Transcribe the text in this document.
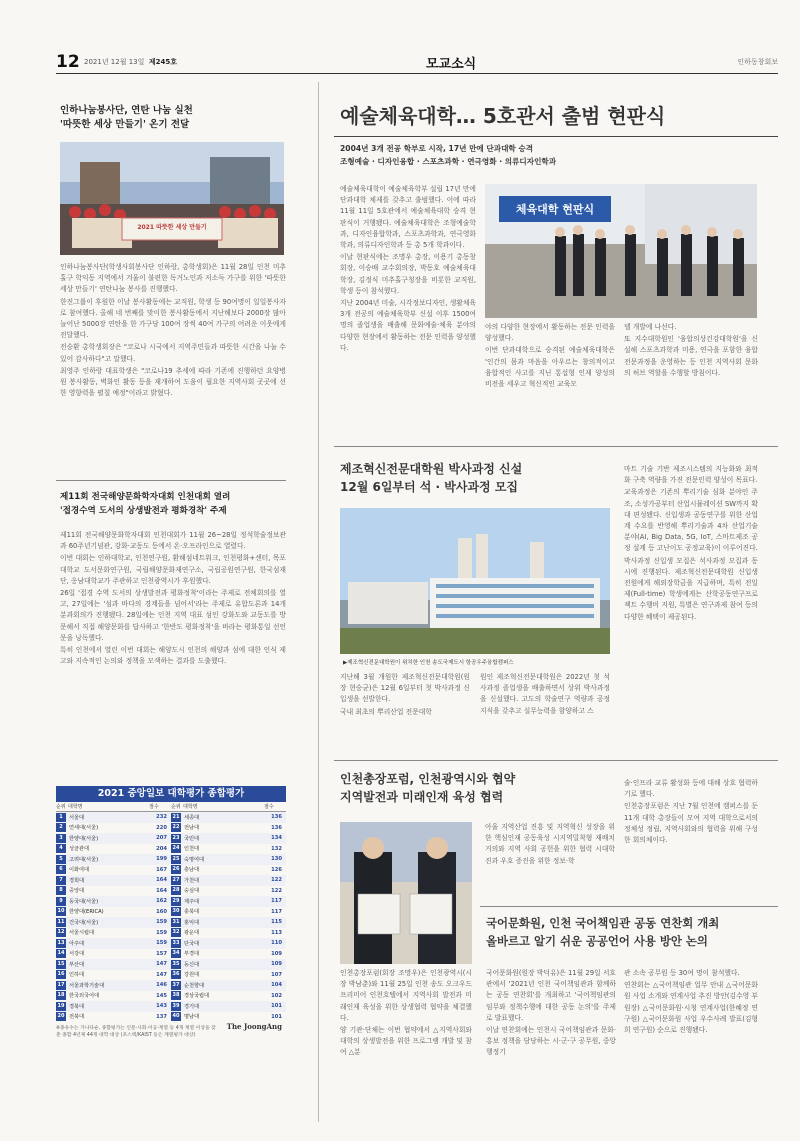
12 2021년 12월 13일 제245호	모교소식	인하동창회보
인하나눔봉사단, 연탄 나눔 실천
'따뜻한 세상 만들기' 온기 전달
2021 따뜻한 세상 만들기

인하나눔봉사단(학생사회봉사단 인하랑, 총학생회)은 11월 28일 인천 미추홀구 학익동 지역에서 겨울이 불편한 독거노인과 저소득 가구를 위한 '따뜻한 세상 만들기' 연탄나눔 봉사를 진행했다.

한진그룹이 후원한 이날 봉사활동에는 교직원, 학생 등 90여명이 일일봉사자로 참여했다. 올해 네 번째를 맞이한 봉사활동에서 지난해보다 2000장 많아 늘어난 5000장 연탄을 한 가구당 100여 장씩 40여 가구의 어려운 이웃에게 전달했다.

전승환 총학생회장은 "코로나 시국에서 지역주민들과 따뜻한 시간을 나눌 수 있어 감사하다"고 말했다.

최영주 인하랑 대표학생은 "코로나19 추세에 따라 기존에 진행하던 요양병원 봉사활동, 벽화인 활동 등을 재개하여 도움이 필요한 지역사회 곳곳에 선한 영향력을 펼칠 예정"이라고 밝혔다.

제11회 전국해양문화학자대회 인천대회 열려
'접경수역 도서의 상생발전과 평화경착' 주제

제11회 전국해양문화학자대회 인천대회가 11월 26~28일 정석학술정보관과 60주년기념관, 강화·교동도 등에서 온·오프라인으로 열렸다.

이번 대회는 인하대학교, 인천연구원, 환해섬네트워크, 인천평화+센터, 목포대학교 도서문화연구원, 국립해양문화재연구소, 국립공원연구원, 한국섬재단, 옹남대학교가 주관하고 인천광역시가 후원했다.

26일 '접경 수역 도서의 상생발전과 평화정착'이라는 주제로 전체회의를 열고, 27일에는 '섬과 바다의 경계들을 넘어서'라는 주제로 유합도론과 14개 분과회의가 진행됐다. 28일에는 인천 지역 대표 섬인 강화도와 교동도를 방문해서 직접 해양문화를 답사하고 '한반도 평화정착'을 바라는 평화통일 선언문을 낭독했다.

특히 인천에서 열린 이번 대회는 해양도시 인천의 해양과 섬에 대한 인식 제고와 지속적인 논의와 정책을 모색하는 결과를 도출했다.

2021 중앙일보 대학평가 종합평가
순위 대학명	점수	순위 대학명	점수
1	서울대	232
2	연세대(서울)	220
3	한양대(서울)	207
4	성균관대	204
5	고려대(서울)	199
6	이화여대	167
7	경희대	164
8	중앙대	164
9	동국대(서울)	162
10 한양대(ERICA)	160
11 건국대(서울)	159
12 서울시립대	159
13 아주대	159
14 서강대	157
15 부산대	147
16 인하대	147
17 서울과학기술대	146
18 한국외국어대	145
19 경북대	143
20 전북대	137
21 세종대	136
22 전남대	136
23 국민대	134
24 인천대	132
25 숙명여대	130
26 충남대	126
27 가천대	122
28 숭실대	122
29 제주대	117
30 충북대	117
31 홍익대	115
32 광운대	113
33 단국대	110
34 부경대	109
35 동신대	109
36 강원대	107
37 순천향대	104
38 경상국립대	102
39 경기대	101
40 명남대	101
※종유수는 가나다순, 종합평가는 인문·사회·이공·계열 등 4개 계열 이상을 갖춘 종합 4년제 44개 대학 대상 (포스텍/KAIST 등은 계열평가 대상)
The JoongAng
예술체육대학… 5호관서 출범 현판식
2004년 3개 전공 학부로 시작, 17년 만에 단과대학 승격
조형예술 · 디자인융합 · 스포츠과학 · 연극영화 · 의류디자인학과

예술체육대학이 예술체육학부 설립 17년 만에 단과대학 체제를 갖추고 출범했다. 이에 따라 11월 11일 5호관에서 예술체육대학 승격 현판식이 거행됐다. 예술체육대학은 조형예술학과, 디자인융합학과, 스포츠과학과, 연극영화학과, 의류디자인학과 등 총 5개 학과이다.

이날 현판식에는 조명우 총장, 이용기 총동창회장, 이승배 교수회의장, 박동호 예술체육대학장, 김정식 미추홀구청장을 비롯한 교직원, 학생 등이 참석했다.

지난 2004년 미술, 시각정보디자인, 생활체육 3개 전공의 예술체육학부 신설 이후 1500여 명의 졸업생을 배출해 문화예술·체육 분야의 다양한 현장에서 활동하는 전문 인력을 양성했다.

체육대학 현판식

야의 다양한 현장에서 활동하는 전문 인력을 양성했다.

이번 단과대학으로 승격된 예술체육대학은 '인간의 몸과 마음을 아우르는 창의적이고 융합적인 사고를 지닌 통섭형 인재 양성의 비전을 세우고 혁신적인 교육모

델 개발에 나선다.

또 지수대학원인 '융합의상건강대학원'을 신설해 스포츠과학과 미용, 연극을 포함한 융합전문과정을 운영하는 등 인천 지역사회 문화의 허브 역할을 수행할 방침이다.

제조혁신전문대학원 박사과정 신설
12월 6일부터 석 · 박사과정 모집
▶제조혁신전문대학원이 위치한 인천 송도국제도시 항공우주융합캠퍼스

지난해 3월 개원한 제조혁신전문대학원(원장 현승균)은 12월 6일부터 첫 박사과정 신입생을 선발한다.

국내 최초의 뿌리산업 전문대학

원인 제조혁신전문대학원은 2022년 첫 석사과정 졸업생을 배출하면서 상위 박사과정을 신설했다. 고도의 학술연구 역량과 공정 지식을 갖추고 실무능력을 함양하고 스

마트 기술 기반 제조시스템의 지능화와 최적화 구축 역량을 가진 전문인력 양성이 목표다.

교육과정은 기존의 뿌리기술 심화 분야인 주조, 소성가공부터 산업시뮬레이션 SW까지 확대 편성됐다. 신입생과 공동연구를 위한 산업계 수요를 반영해 뿌리기술과 4차 산업기술 분야(AI, Big Data, 5G, IoT, 스마트제조 공정 설계 등 고난이도 공정교육)이 이루어진다.

박사과정 신입생 모집은 석사과정 모집과 동시에 진행된다. 제조혁신전문대학원 신입생 전원에게 해외장학금을 지급하며, 특히 전일제(Full-time) 학생에게는 산학공동연구프로젝트 수행비 지원, 특별은 연구과제 참여 등의 다양한 혜택이 제공된다.

인천총장포럼, 인천광역시와 협약
지역발전과 미래인재 육성 협력

아울 지역산업 진흥 및 지역혁신 성장을 위한 핵심인재 공동육성 시지역밀착형 재배치 거의와 지역 사회 공헌을 위한 협력 시대학 진과 우호 증진을 위한 정보·학

인천총장포럼(회장 조명우)은 인천광역시(시장 박남춘)와 11월 25일 인천 송도 오크우드프리미어 인천호텔에서 지역사회 발전과 미래인재 육성을 위한 상생협력 협약을 체결했다.

양 기관·단체는 이번 협약에서 △지역사회와 대학의 상생발전을 위한 프로그램 개발 및 참여 △분

술·인프라 교류 활성화 등에 대해 상호 협력하기로 했다.

인천총장포럼은 지난 7월 인천에 캠퍼스를 둔 11개 대학 총장들이 모여 지역 대학으로서의 정체성 정립, 지역사회와의 협력을 위해 구성한 회의체이다.

국어문화원, 인천 국어책임관 공동 연찬회 개최
올바르고 알기 쉬운 공공언어 사용 방안 논의

국어문화원(원장 박덕유)은 11월 29일 서호관에서 '2021년 인천 국어책임관과 함께하는 공동 연찬회'를 개최하고 '국어책임관의 임무와 정책수행에 대한 공동 논의'를 주제로 발표했다.

이날 연찬회에는 인천시 국어책임관과 문화·홍보 정책을 담당하는 시·군·구 공무원, 중앙행정기

관 소속 공무원 등 30여 명이 참석했다.

연찬회는 △국어책임관 업무 안내 △국어문화원 사업 소개와 연계사업 추진 방안(김수영 부원장) △국어문화원·시청 연계사업(한혜정 연구원) △국어문화원 사업 우수사례 발표(김형희 연구원) 순으로 진행됐다.
